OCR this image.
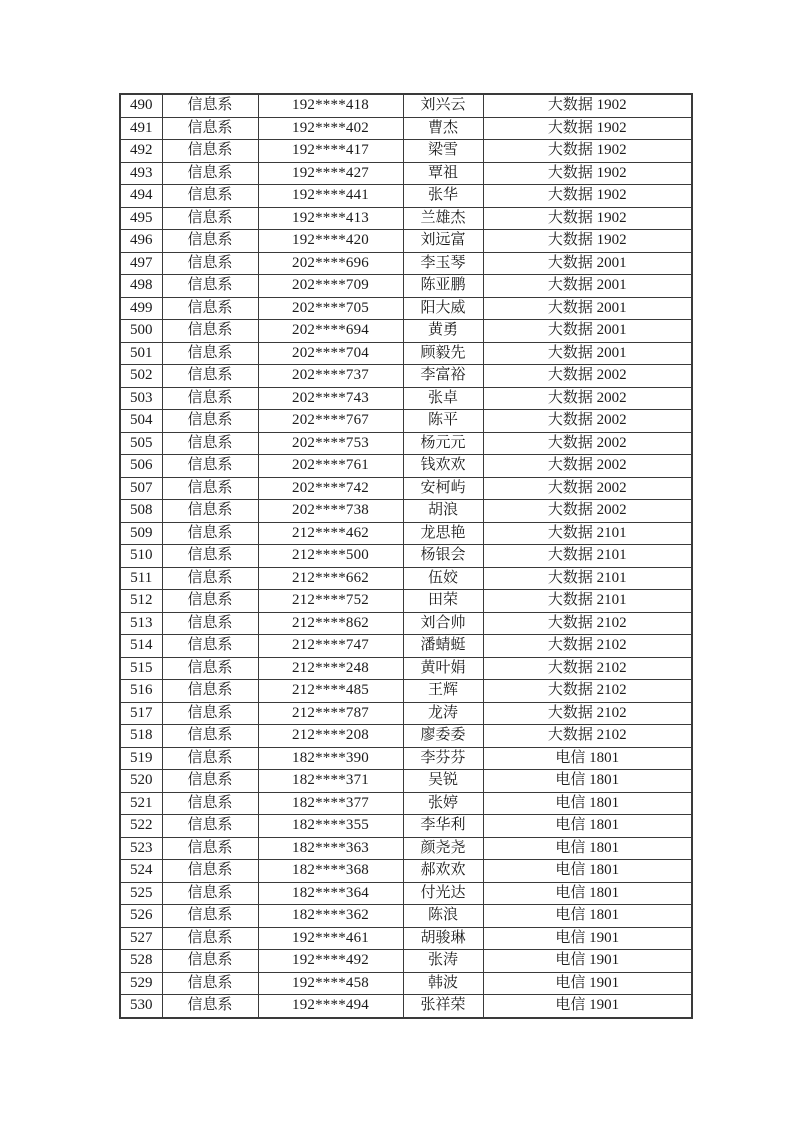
490	信息系	192****418	刘兴云	大数据 1902
491	信息系	192****402	曹杰	大数据 1902
492	信息系	192****417	梁雪	大数据 1902
493	信息系	192****427	覃祖	大数据 1902
494	信息系	192****441	张华	大数据 1902
495	信息系	192****413	兰雄杰	大数据 1902
496	信息系	192****420	刘远富	大数据 1902
497	信息系	202****696	李玉琴	大数据 2001
498	信息系	202****709	陈亚鹏	大数据 2001
499	信息系	202****705	阳大威	大数据 2001
500	信息系	202****694	黄勇	大数据 2001
501	信息系	202****704	顾毅先	大数据 2001
502	信息系	202****737	李富裕	大数据 2002
503	信息系	202****743	张卓	大数据 2002
504	信息系	202****767	陈平	大数据 2002
505	信息系	202****753	杨元元	大数据 2002
506	信息系	202****761	钱欢欢	大数据 2002
507	信息系	202****742	安柯屿	大数据 2002
508	信息系	202****738	胡浪	大数据 2002
509	信息系	212****462	龙思艳	大数据 2101
510	信息系	212****500	杨银会	大数据 2101
511	信息系	212****662	伍姣	大数据 2101
512	信息系	212****752	田荣	大数据 2101
513	信息系	212****862	刘合帅	大数据 2102
514	信息系	212****747	潘蜻蜓	大数据 2102
515	信息系	212****248	黄叶娟	大数据 2102
516	信息系	212****485	王辉	大数据 2102
517	信息系	212****787	龙涛	大数据 2102
518	信息系	212****208	廖委委	大数据 2102
519	信息系	182****390	李芬芬	电信 1801
520	信息系	182****371	吴锐	电信 1801
521	信息系	182****377	张婷	电信 1801
522	信息系	182****355	李华利	电信 1801
523	信息系	182****363	颜尧尧	电信 1801
524	信息系	182****368	郝欢欢	电信 1801
525	信息系	182****364	付光达	电信 1801
526	信息系	182****362	陈浪	电信 1801
527	信息系	192****461	胡骏琳	电信 1901
528	信息系	192****492	张涛	电信 1901
529	信息系	192****458	韩波	电信 1901
530	信息系	192****494	张祥荣	电信 1901
